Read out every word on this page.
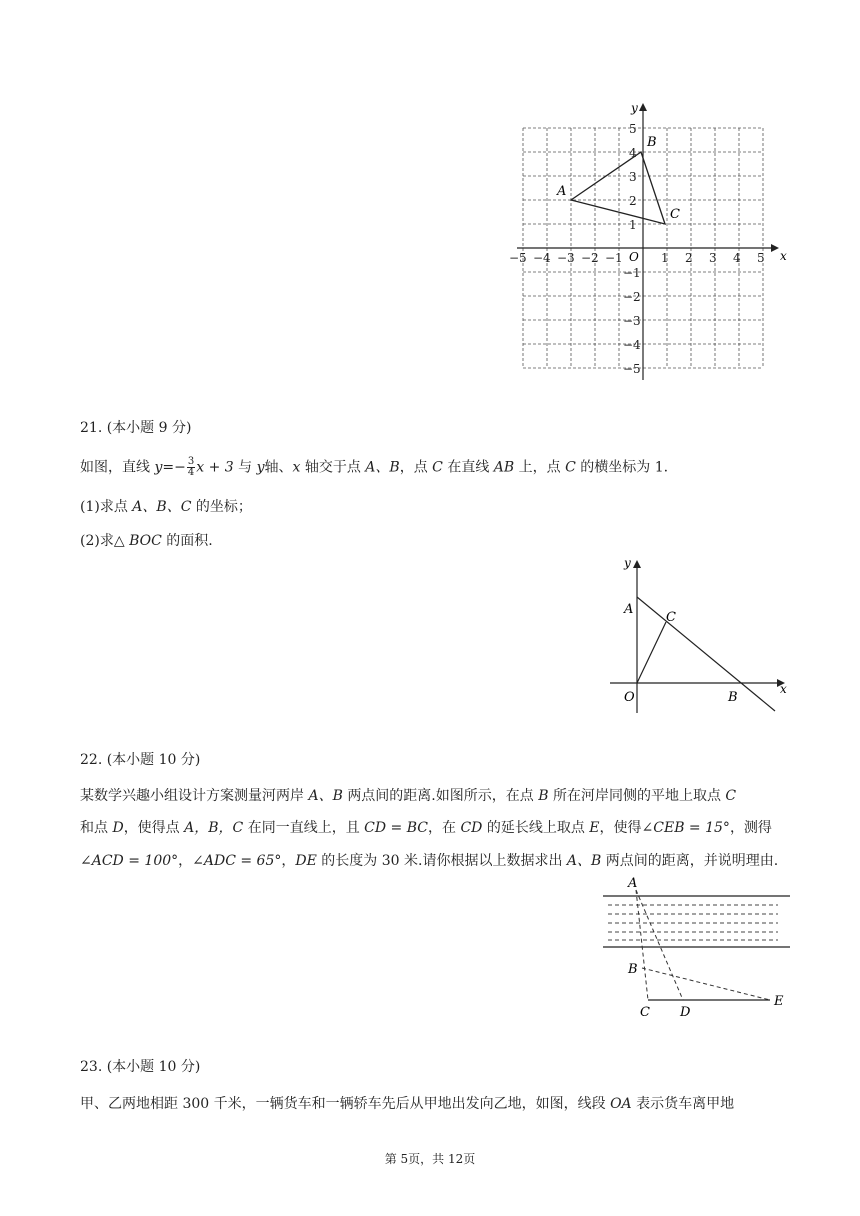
−5 −4 −3 −2 −1	1 2 3 4 5
5
4
3
2
1
−1
−2
−3
−4
−5
x
y
O
A
B
C
21. (本小题 9 分)
如图，直线 $y=- \frac{3}{4}$ x + 3 与 y轴、x 轴交于点 A、B，点 C 在直线 AB 上，点 C 的横坐标为 1.
(1)求点 A、B、C 的坐标；
(2)求△ BOC 的面积.
y
x
A
C
O	B
22. (本小题 10 分)
某数学兴趣小组设计方案测量河两岸 A、B 两点间的距离.如图所示，在点 B 所在河岸同侧的平地上取点 C
和点 D，使得点 A，B，C 在同一直线上，且 CD = BC，在 CD 的延长线上取点 E，使得∠CEB = 15°，测得
∠ACD = 100°，∠ADC = 65°，DE 的长度为 30 米.请你根据以上数据求出 A、B 两点间的距离，并说明理由.
A
B
C D
E
23. (本小题 10 分)
甲、乙两地相距 300 千米，一辆货车和一辆轿车先后从甲地出发向乙地，如图，线段 OA 表示货车离甲地
第 5页，共 12页
